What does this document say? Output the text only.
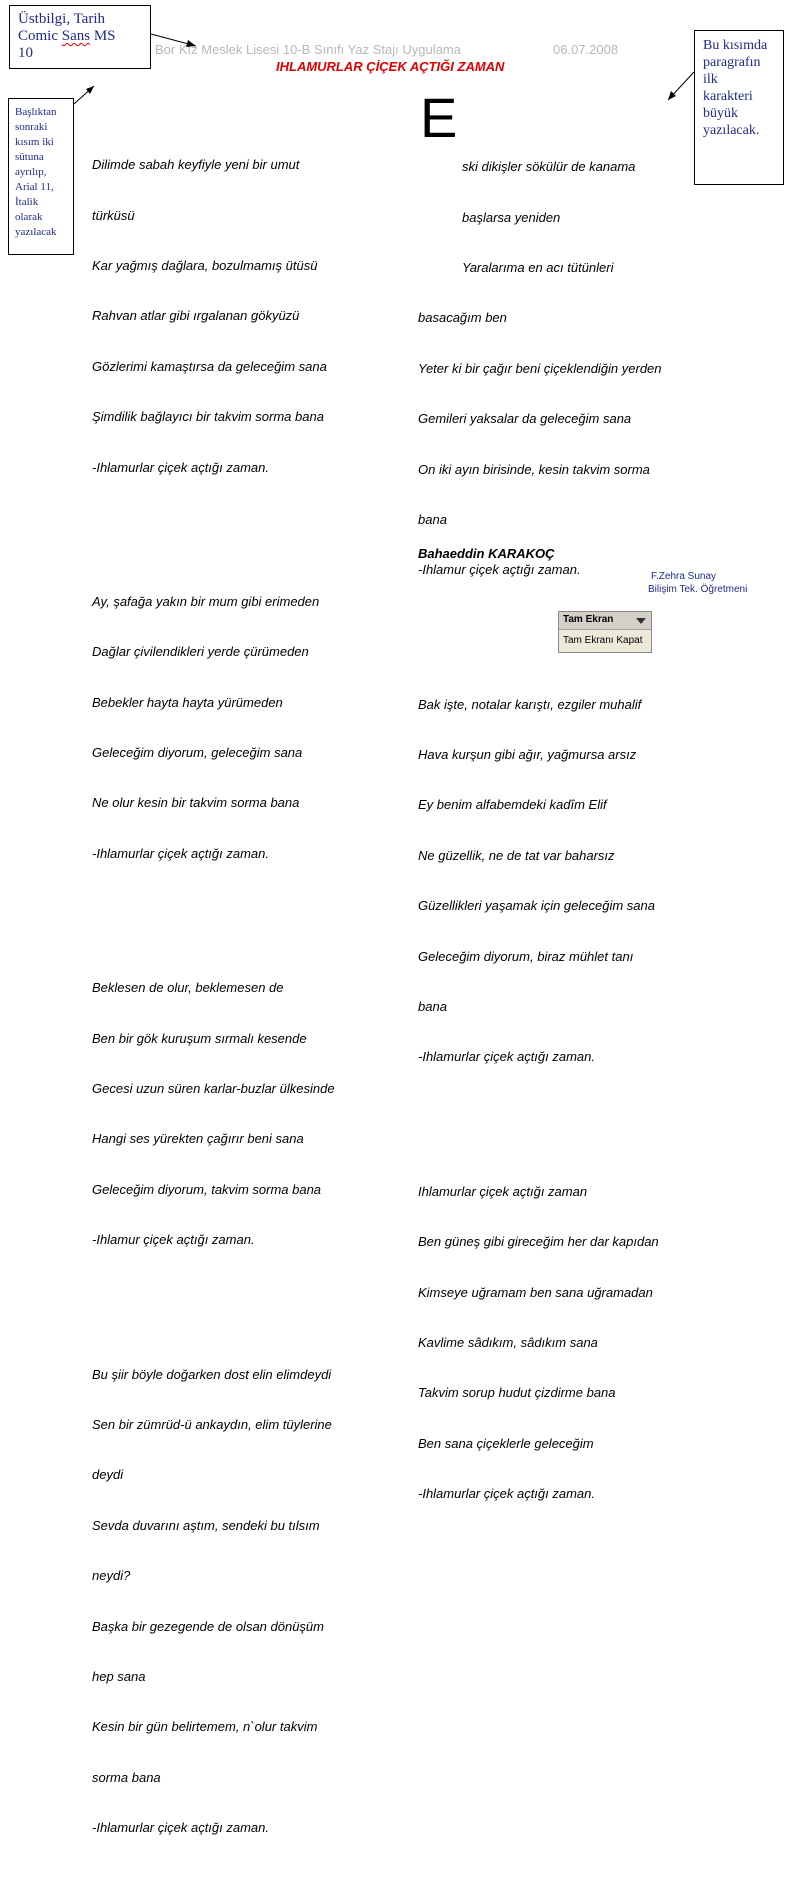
Üstbilgi, Tarih
Comic Sans MS
10
Başlıktan
sonraki
kısım iki
sütuna
ayrılıp,
Arial 11,
İtalik
olarak
yazılacak
Bu kısımda
paragrafın
ilk
karakteri
büyük
yazılacak.
Bor Kız Meslek Lisesi 10-B Sınıfı Yaz Stajı Uygulama	06.07.2008
IHLAMURLAR ÇİÇEK AÇTIĞI ZAMAN

Dilimde sabah keyfiyle yeni bir umut

türküsü

Kar yağmış dağlara, bozulmamış ütüsü

Rahvan atlar gibi ırgalanan gökyüzü

Gözlerimi kamaştırsa da geleceğim sana

Şimdilik bağlayıcı bir takvim sorma bana

-Ihlamurlar çiçek açtığı zaman.

Ay, şafağa yakın bir mum gibi erimeden

Dağlar çivilendikleri yerde çürümeden

Bebekler hayta hayta yürümeden

Geleceğim diyorum, geleceğim sana

Ne olur kesin bir takvim sorma bana

-Ihlamurlar çiçek açtığı zaman.

Beklesen de olur, beklemesen de

Ben bir gök kuruşum sırmalı kesende

Gecesi uzun süren karlar-buzlar ülkesinde

Hangi ses yürekten çağırır beni sana

Geleceğim diyorum, takvim sorma bana

-Ihlamur çiçek açtığı zaman.

Bu şiir böyle doğarken dost elin elimdeydi

Sen bir zümrüd-ü ankaydın, elim tüylerine

deydi

Sevda duvarını aştım, sendeki bu tılsım

neydi?

Başka bir gezegende de olsan dönüşüm

hep sana

Kesin bir gün belirtemem, n`olur takvim

sorma bana

-Ihlamurlar çiçek açtığı zaman.

E

ski dikişler sökülür de kanama

başlarsa yeniden

Yaralarıma en acı tütünleri

basacağım ben

Yeter ki bir çağır beni çiçeklendiğin yerden

Gemileri yaksalar da geleceğim sana

On iki ayın birisinde, kesin takvim sorma

bana

-Ihlamur çiçek açtığı zaman.

Bak işte, notalar karıştı, ezgiler muhalif

Hava kurşun gibi ağır, yağmursa arsız

Ey benim alfabemdeki kadîm Elif

Ne güzellik, ne de tat var baharsız

Güzellikleri yaşamak için geleceğim sana

Geleceğim diyorum, biraz mühlet tanı

bana

-Ihlamurlar çiçek açtığı zaman.

Ihlamurlar çiçek açtığı zaman

Ben güneş gibi gireceğim her dar kapıdan

Kimseye uğramam ben sana uğramadan

Kavlime sâdıkım, sâdıkım sana

Takvim sorup hudut çizdirme bana

Ben sana çiçeklerle geleceğim

-Ihlamurlar çiçek açtığı zaman.

Bahaeddin KARAKOÇ
F.Zehra Sunay
Bilişim Tek. Öğretmeni
Tam Ekran
Tam Ekranı Kapat
